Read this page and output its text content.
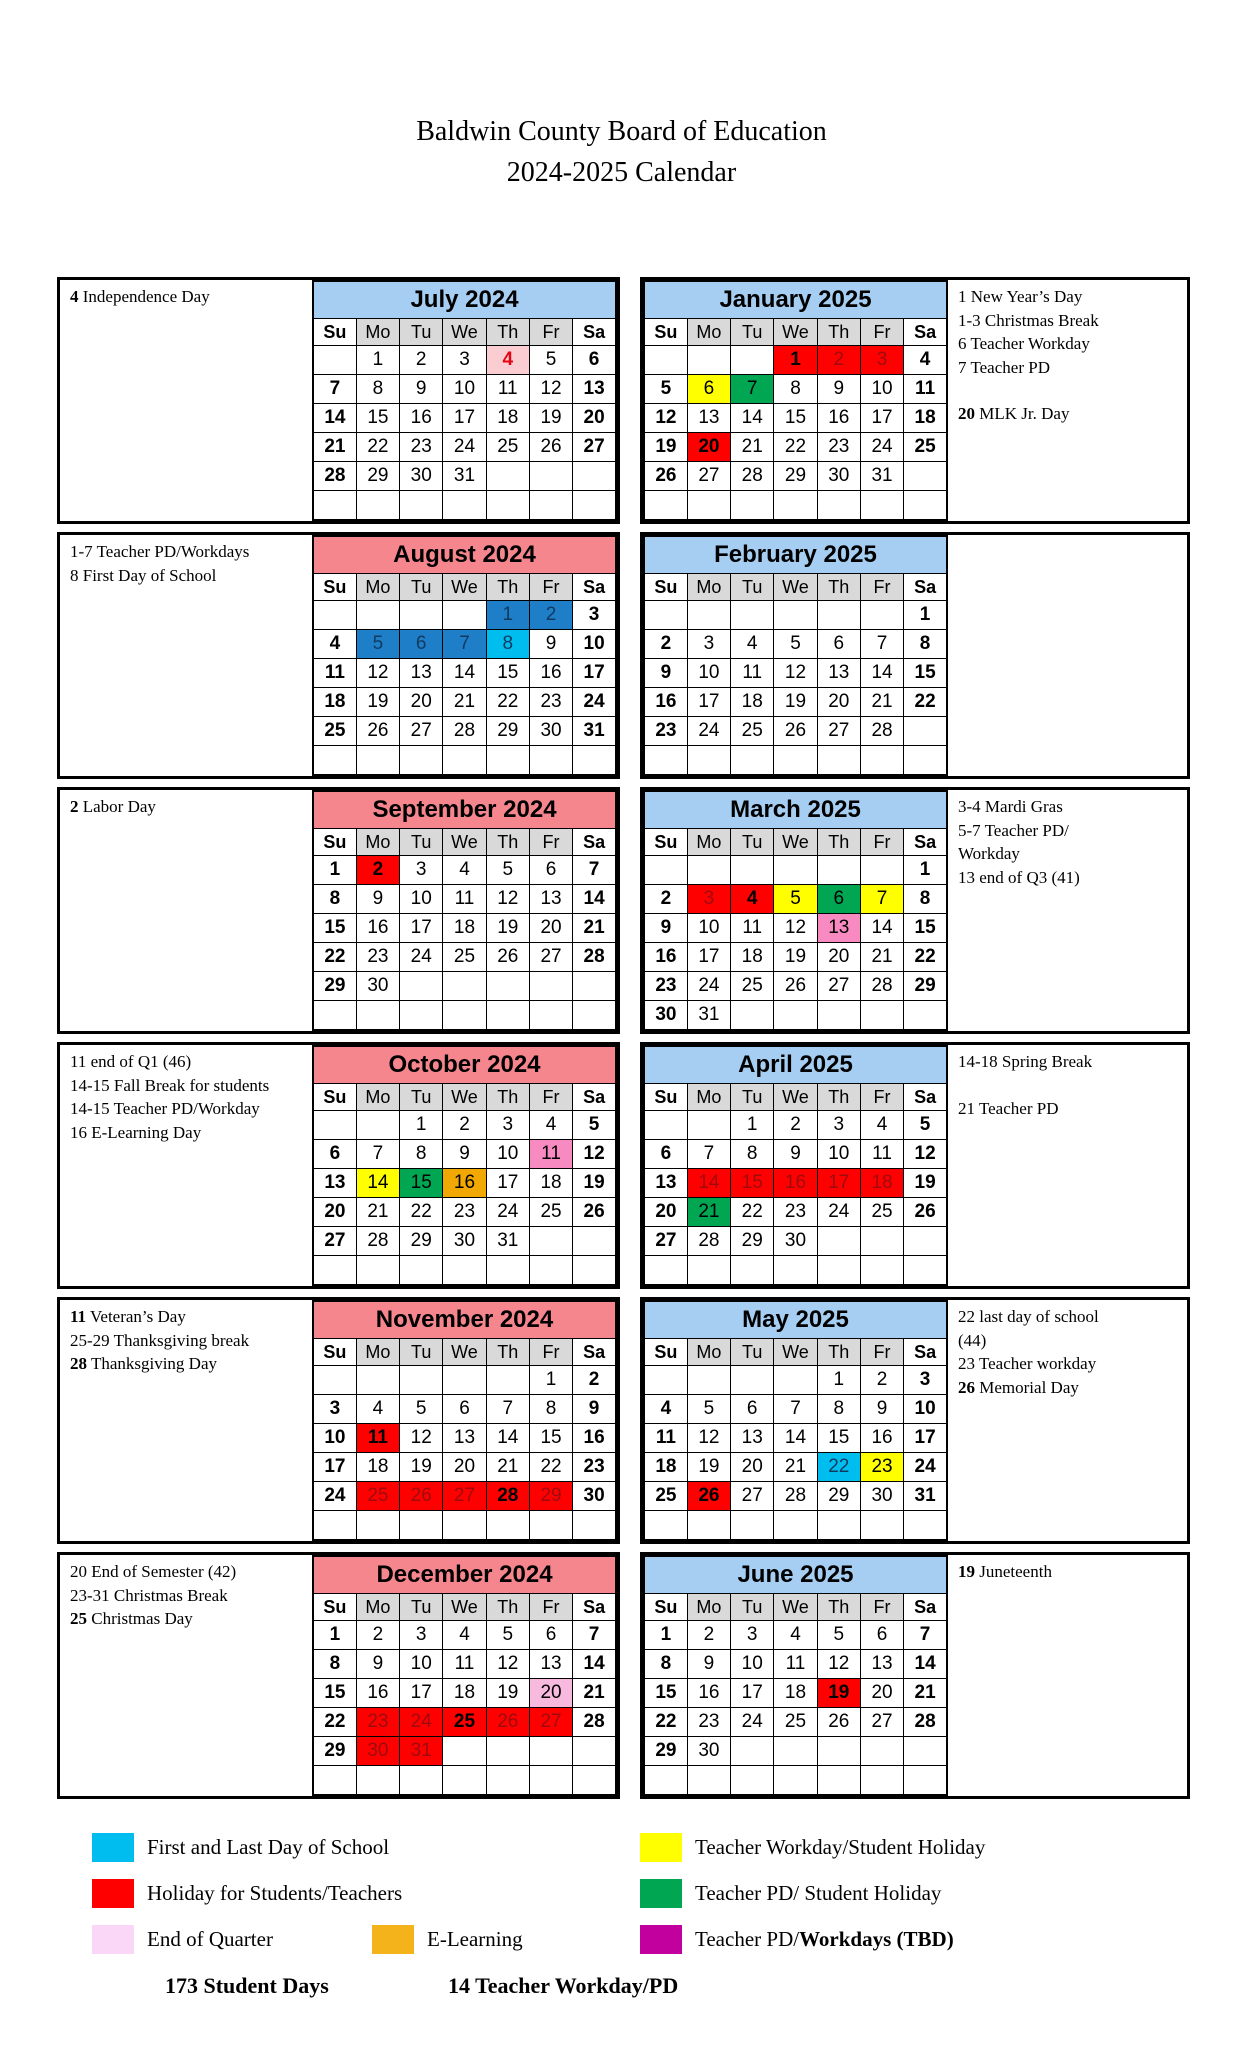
Baldwin County Board of Education
2024-2025 Calendar
4 Independence Day	July 2024						
Su	Mo	Tu	We	Th	Fr	Sa
	1	2	3	4	5	6
7	8	9	10	11	12	13
14	15	16	17	18	19	20
21	22	23	24	25	26	27
28	29	30	31			

January 2025						
Su	Mo	Tu	We	Th	Fr	Sa
			1	2	3	4
5	6	7	8	9	10	11
12	13	14	15	16	17	18
19	20	21	22	23	24	25
26	27	28	29	30	31	

1 New Year’s Day
1-3 Christmas Break
6 Teacher Workday
7 Teacher PD

20 MLK Jr. Day
1-7 Teacher PD/Workdays
8 First Day of School
August 2024						
Su	Mo	Tu	We	Th	Fr	Sa
				1	2	3
4	5	6	7	8	9	10
11	12	13	14	15	16	17
18	19	20	21	22	23	24
25	26	27	28	29	30	31

February 2025						
Su	Mo	Tu	We	Th	Fr	Sa
						1
2	3	4	5	6	7	8
9	10	11	12	13	14	15
16	17	18	19	20	21	22
23	24	25	26	27	28	

2 Labor Day	September 2024						
Su	Mo	Tu	We	Th	Fr	Sa
1	2	3	4	5	6	7
8	9	10	11	12	13	14
15	16	17	18	19	20	21
22	23	24	25	26	27	28
29	30					

March 2025						
Su	Mo	Tu	We	Th	Fr	Sa
						1
2	3	4	5	6	7	8
9	10	11	12	13	14	15
16	17	18	19	20	21	22
23	24	25	26	27	28	29
30	31					
3-4 Mardi Gras
5-7 Teacher PD/
Workday
13 end of Q3 (41)
11 end of Q1 (46)
14-15 Fall Break for students
14-15 Teacher PD/Workday
16 E-Learning Day
October 2024						
Su	Mo	Tu	We	Th	Fr	Sa
		1	2	3	4	5
6	7	8	9	10	11	12
13	14	15	16	17	18	19
20	21	22	23	24	25	26
27	28	29	30	31		

April 2025						
Su	Mo	Tu	We	Th	Fr	Sa
		1	2	3	4	5
6	7	8	9	10	11	12
13	14	15	16	17	18	19
20	21	22	23	24	25	26
27	28	29	30			

14-18 Spring Break

21 Teacher PD
11 Veteran’s Day
25-29 Thanksgiving break
28 Thanksgiving Day
November 2024						
Su	Mo	Tu	We	Th	Fr	Sa
					1	2
3	4	5	6	7	8	9
10	11	12	13	14	15	16
17	18	19	20	21	22	23
24	25	26	27	28	29	30

May 2025						
Su	Mo	Tu	We	Th	Fr	Sa
				1	2	3
4	5	6	7	8	9	10
11	12	13	14	15	16	17
18	19	20	21	22	23	24
25	26	27	28	29	30	31

22 last day of school
(44)
23 Teacher workday
26 Memorial Day
20 End of Semester (42)
23-31 Christmas Break
25 Christmas Day
December 2024						
Su	Mo	Tu	We	Th	Fr	Sa
1	2	3	4	5	6	7
8	9	10	11	12	13	14
15	16	17	18	19	20	21
22	23	24	25	26	27	28
29	30	31				

June 2025						
Su	Mo	Tu	We	Th	Fr	Sa
1	2	3	4	5	6	7
8	9	10	11	12	13	14
15	16	17	18	19	20	21
22	23	24	25	26	27	28
29	30					

19 Juneteenth
First and Last Day of School	Teacher Workday/Student Holiday
Holiday for Students/Teachers	Teacher PD/ Student Holiday
End of Quarter	E-Learning	Teacher PD/Workdays (TBD)
173 Student Days	14 Teacher Workday/PD
